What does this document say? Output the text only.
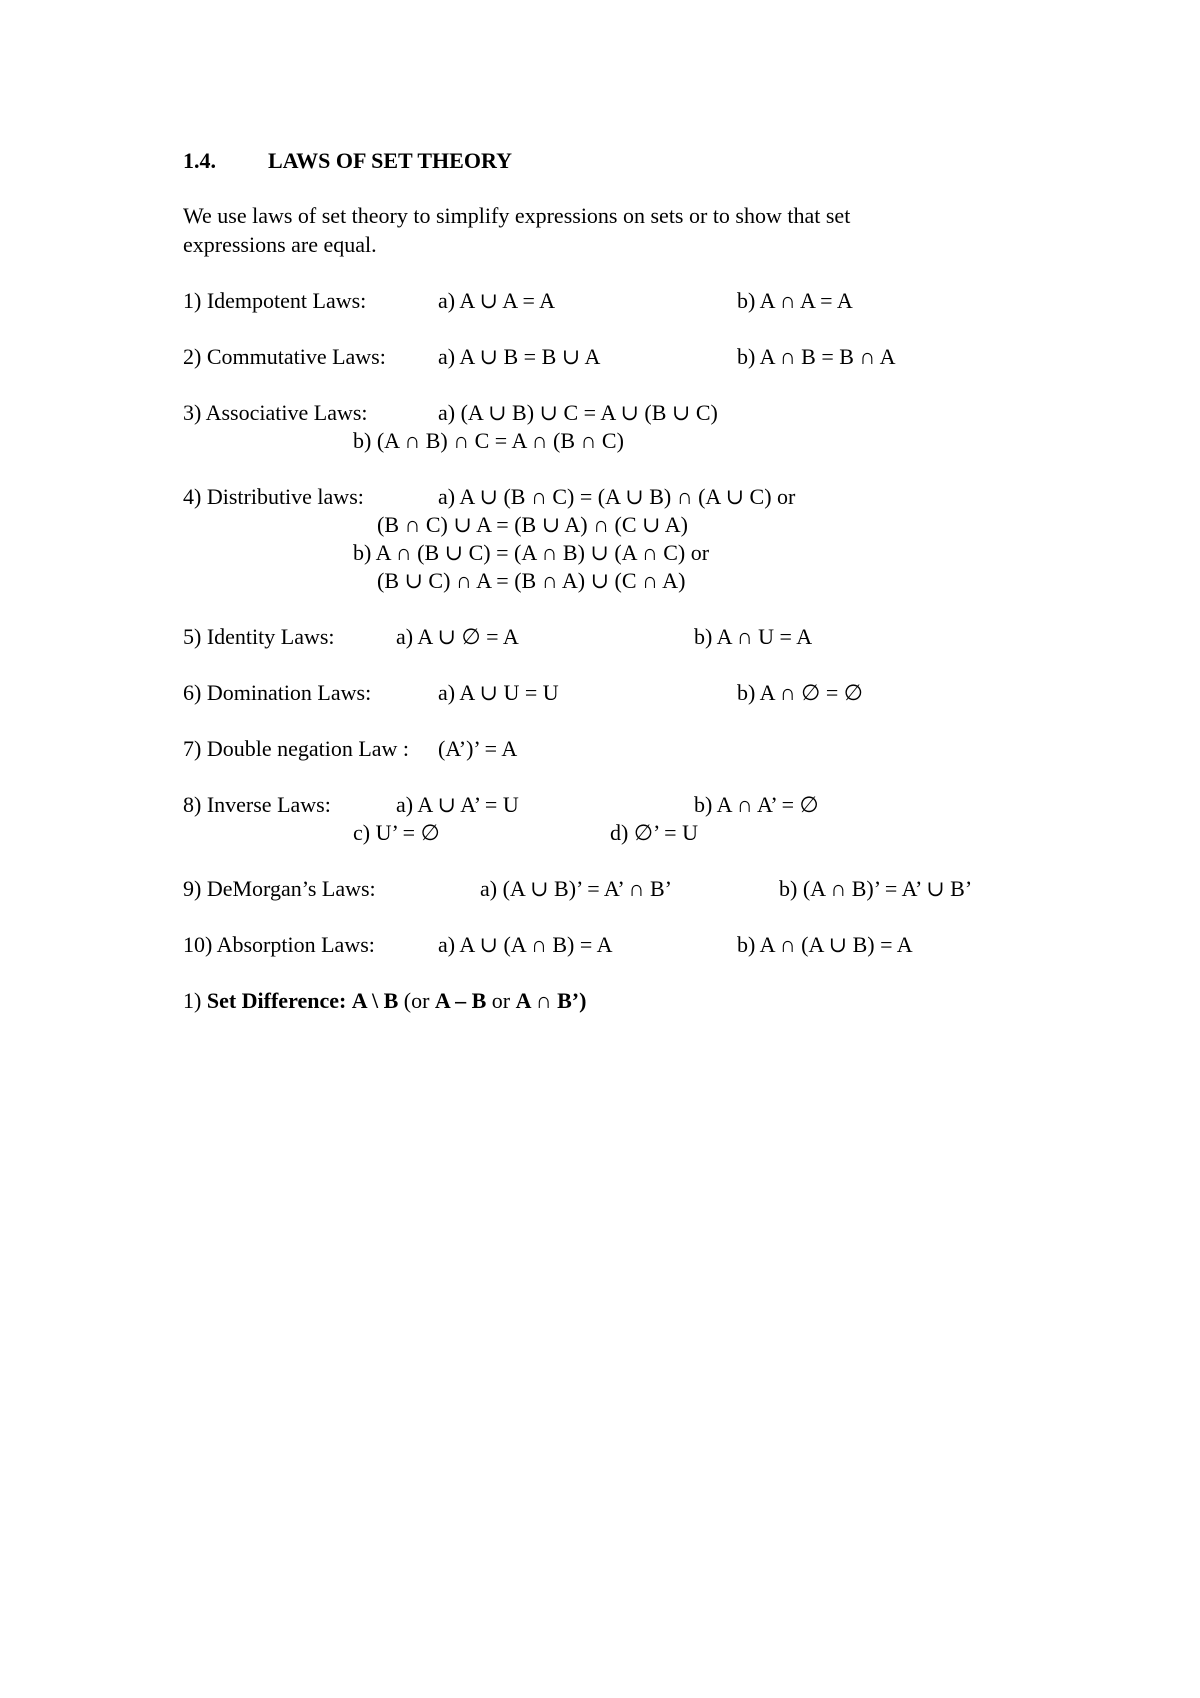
1.4. LAWS OF SET THEORY
We use laws of set theory to simplify expressions on sets or to show that set
expressions are equal.
1) Idempotent Laws:	a) A ∪ A = A	b) A ∩ A = A
2) Commutative Laws: a) A ∪ B = B ∪ A	b) A ∩ B = B ∩ A
3) Associative Laws:	a) (A ∪ B) ∪ C = A ∪ (B ∪ C)
b) (A ∩ B) ∩ C = A ∩ (B ∩ C)
4) Distributive laws:	a) A ∪ (B ∩ C) = (A ∪ B) ∩ (A ∪ C) or
(B ∩ C) ∪ A = (B ∪ A) ∩ (C ∪ A)
b) A ∩ (B ∪ C) = (A ∩ B) ∪ (A ∩ C) or
(B ∪ C) ∩ A = (B ∩ A) ∪ (C ∩ A)
5) Identity Laws:	a) A ∪ ∅ = A	b) A ∩ U = A
6) Domination Laws:	a) A ∪ U = U	b) A ∩ ∅ = ∅
7) Double negation Law : (A’)’ = A
8) Inverse Laws:	a) A ∪ A’ = U	b) A ∩ A’ = ∅
c) U’ = ∅	d) ∅’ = U
9) DeMorgan’s Laws:	a) (A ∪ B)’ = A’ ∩ B’	b) (A ∩ B)’ = A’ ∪ B’
10) Absorption Laws:	a) A ∪ (A ∩ B) = A	b) A ∩ (A ∪ B) = A
1) Set Difference: A \ B (or A – B or A ∩ B’)
